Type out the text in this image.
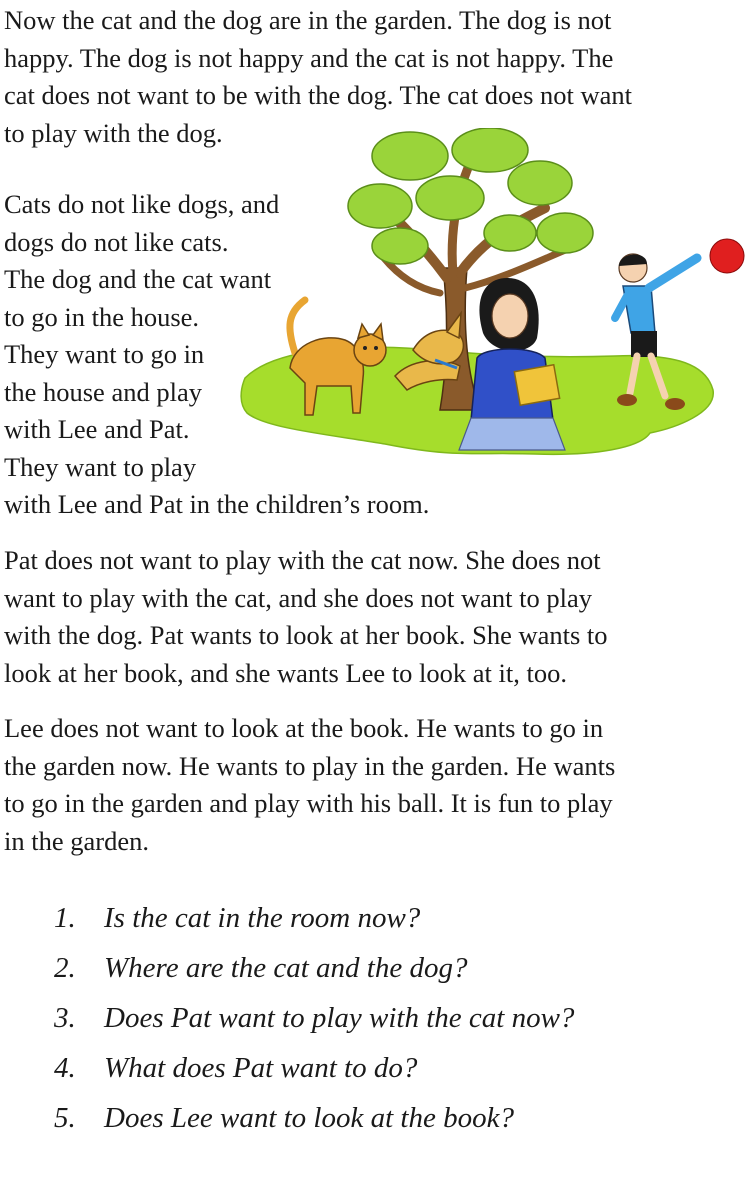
Now the cat and the dog are in the garden. The dog is not
happy. The dog is not happy and the cat is not happy. The
cat does not want to be with the dog. The cat does not want
to play with the dog.

Cats do not like dogs, and
dogs do not like cats.
The dog and the cat want
to go in the house.
They want to go in
the house and play
with Lee and Pat.
They want to play
with Lee and Pat in the children’s room.

Pat does not want to play with the cat now. She does not
want to play with the cat, and she does not want to play
with the dog. Pat wants to look at her book. She wants to
look at her book, and she wants Lee to look at it, too.

Lee does not want to look at the book. He wants to go in
the garden now. He wants to play in the garden. He wants
to go in the garden and play with his ball. It is fun to play
in the garden.

1. Is the cat in the room now?
2. Where are the cat and the dog?
3. Does Pat want to play with the cat now?
4. What does Pat want to do?
5. Does Lee want to look at the book?
